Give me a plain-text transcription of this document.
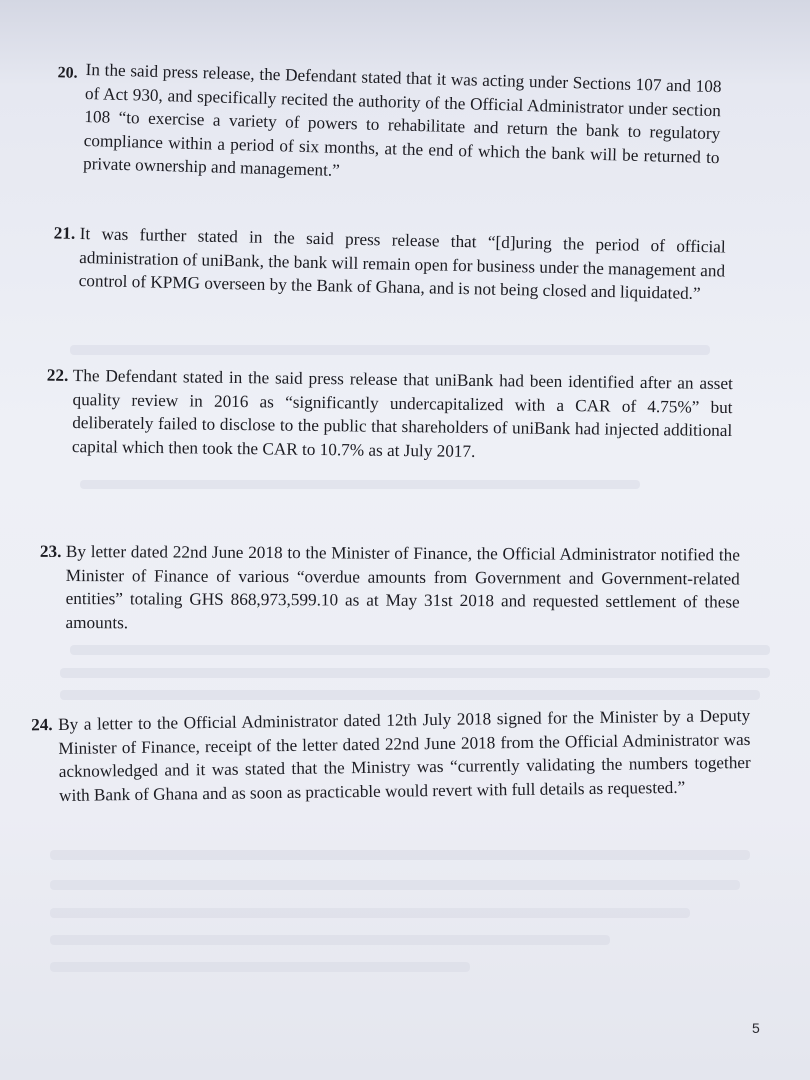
20. In the said press release, the Defendant stated that it was acting under Sections 107 and 108 of Act 930, and specifically recited the authority of the Official Administrator under section 108 “to exercise a variety of powers to rehabilitate and return the bank to regulatory compliance within a period of six months, at the end of which the bank will be returned to private ownership and management.”
21. It was further stated in the said press release that “[d]uring the period of official administration of uniBank, the bank will remain open for business under the management and control of KPMG overseen by the Bank of Ghana, and is not being closed and liquidated.”
22. The Defendant stated in the said press release that uniBank had been identified after an asset quality review in 2016 as “significantly undercapitalized with a CAR of 4.75%” but deliberately failed to disclose to the public that shareholders of uniBank had injected additional capital which then took the CAR to 10.7% as at July 2017.
23. By letter dated 22nd June 2018 to the Minister of Finance, the Official Administrator notified the Minister of Finance of various “overdue amounts from Government and Government-related entities” totaling GHS 868,973,599.10 as at May 31st 2018 and requested settlement of these amounts.
24. By a letter to the Official Administrator dated 12th July 2018 signed for the Minister by a Deputy Minister of Finance, receipt of the letter dated 22nd June 2018 from the Official Administrator was acknowledged and it was stated that the Ministry was “currently validating the numbers together with Bank of Ghana and as soon as practicable would revert with full details as requested.”
5
